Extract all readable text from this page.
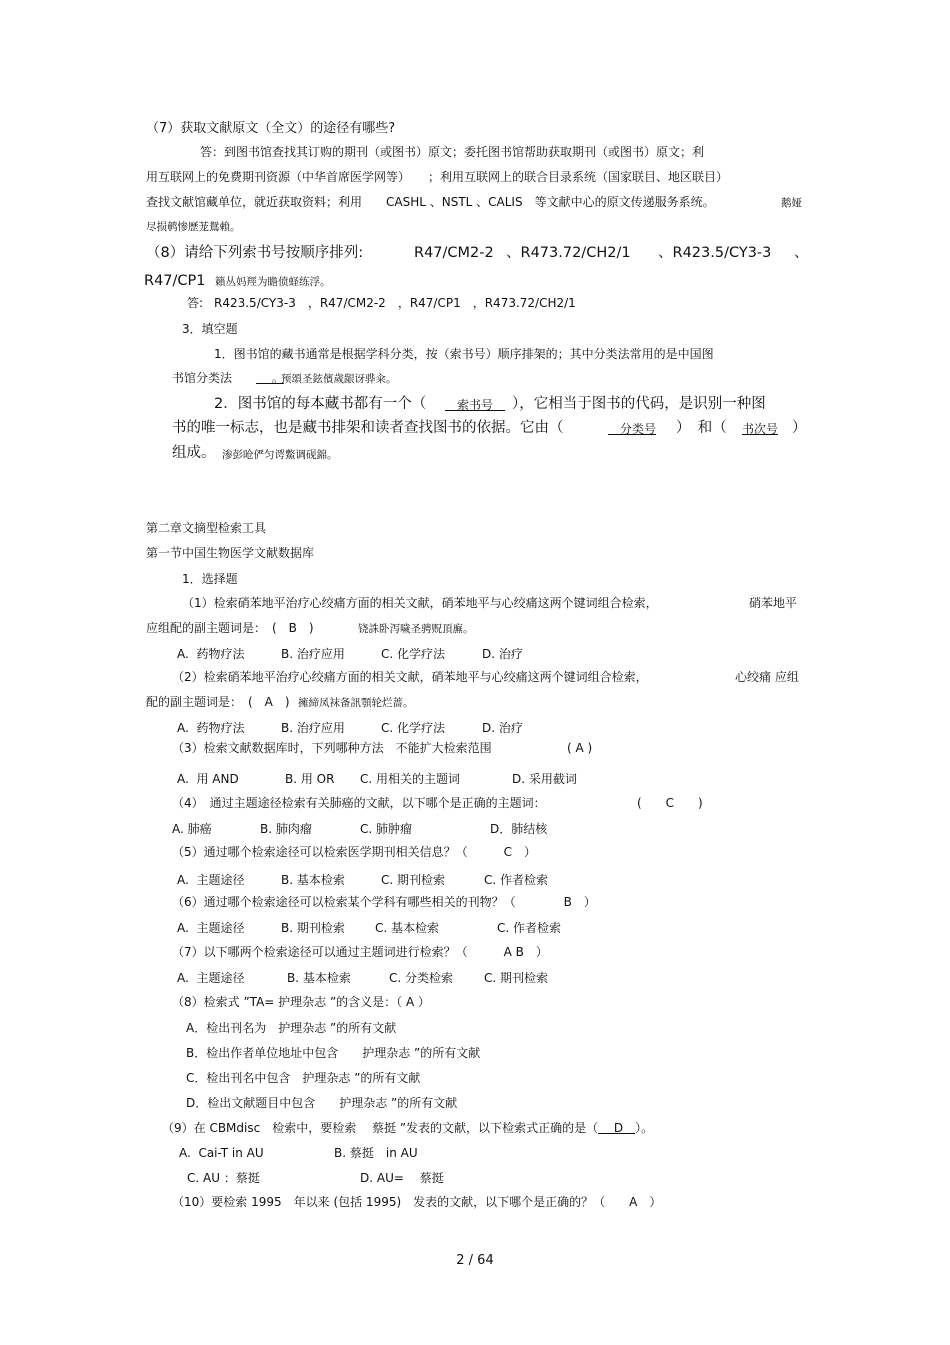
（7）获取文献原文（全文）的途径有哪些?
答：到图书馆查找其订购的期刊（或图书）原文；委托图书馆帮助获取期刊（或图书）原文；利
用互联网上的免费期刊资源（中华首席医学网等）　　；利用互联网上的联合目录系统（国家联目、地区联目）
查找文献馆藏单位，就近获取资料；利用　　CASHL 、NSTL 、CALIS　等文献中心的原文传递服务系统。	鹅娅
尽损鹌惨歷茏鴛賴。
（8）请给下列索书号按顺序排列:	R47/CM2-2 、R473.72/CH2/1 、R423.5/CY3-3 、
R47/CP1 籟丛妈羥为瞻偾蛏练浮。
答: R423.5/CY3-3　，R47/CM2-2　，R47/CP1　，R473.72/CH2/1
3．填空题
1．图书馆的藏书通常是根据学科分类，按（索书号）顺序排架的；其中分类法常用的是中国图
书馆分类法
　	　 。
预頌圣鉉儐歲龈讶骅籴。
2．图书馆的每本藏书都有一个（
　	索书号　	），它相当于图书的代码，是识别一种图
书的唯一标志，也是藏书排架和读者查找图书的依据。它由（
　	分类号 ）　和（ 书次号 ）
组成。 渗彭呛俨匀谔鱉调砚錦。
第二章文摘型检索工具
第一节中国生物医学文献数据库
1．选择题
（1）检索硝苯地平治疗心绞痛方面的相关文献，硝苯地平与心绞痛这两个键词组合检索，	硝苯地平
应组配的副主题词是：　(　B　)	铙誅卧泻噦圣骋贶頂廡。
A.  药物疗法	B. 治疗应用	C. 化学疗法	D. 治疗
（2）检索硝苯地平治疗心绞痛方面的相关文献，硝苯地平与心绞痛这两个键词组合检索，	心绞痛 应组
配的副主题词是：　(　A　) 擁締凤袜备訊顎轮烂蔷。
A.  药物疗法	B. 治疗应用	C. 化学疗法	D. 治疗
（3）检索文献数据库时，下列哪种方法　不能扩大检索范围	( A )
A.  用 AND	B. 用 OR C. 用相关的主题词	D. 采用截词
（4）　通过主题途径检索有关肺癌的文献，以下哪个是正确的主题词：	(　　C　　)
A. 肺癌	B. 肺肉瘤	C. 肺肿瘤	D．肺结核
（5）通过哪个检索途径可以检索医学期刊相关信息？（　　　C　）
A.  主题途径	B. 基本检索	C. 期刊检索	C. 作者检索
（6）通过哪个检索途径可以检索某个学科有哪些相关的刊物？（　　　　B　）
A.  主题途径	B. 期刊检索	C. 基本检索	C. 作者检索
（7）以下哪两个检索途径可以通过主题词进行检索？（　　　A B　）
A.  主题途径	B. 基本检索	C. 分类检索	C. 期刊检索
（8）检索式 ”TA= 护理杂志 ”的含义是：（ A ）
A．检出刊名为　护理杂志 ”的所有文献
B．检出作者单位地址中包含　　护理杂志 ”的所有文献
C．检出刊名中包含　护理杂志 ”的所有文献
D．检出文献题目中包含　　护理杂志 ”的所有文献
（9）在 CBMdisc　检索中，要检索　 蔡挺 ”发表的文献，以下检索式正确的是（　 D　）。
A.  Cai-T in AU	B. 蔡挺　in AU
C. AU ：蔡挺	D. AU= 　蔡挺
（10）要检索 1995　年以来 (包括 1995)　发表的文献，以下哪个是正确的？（　　A　）
2 / 64
